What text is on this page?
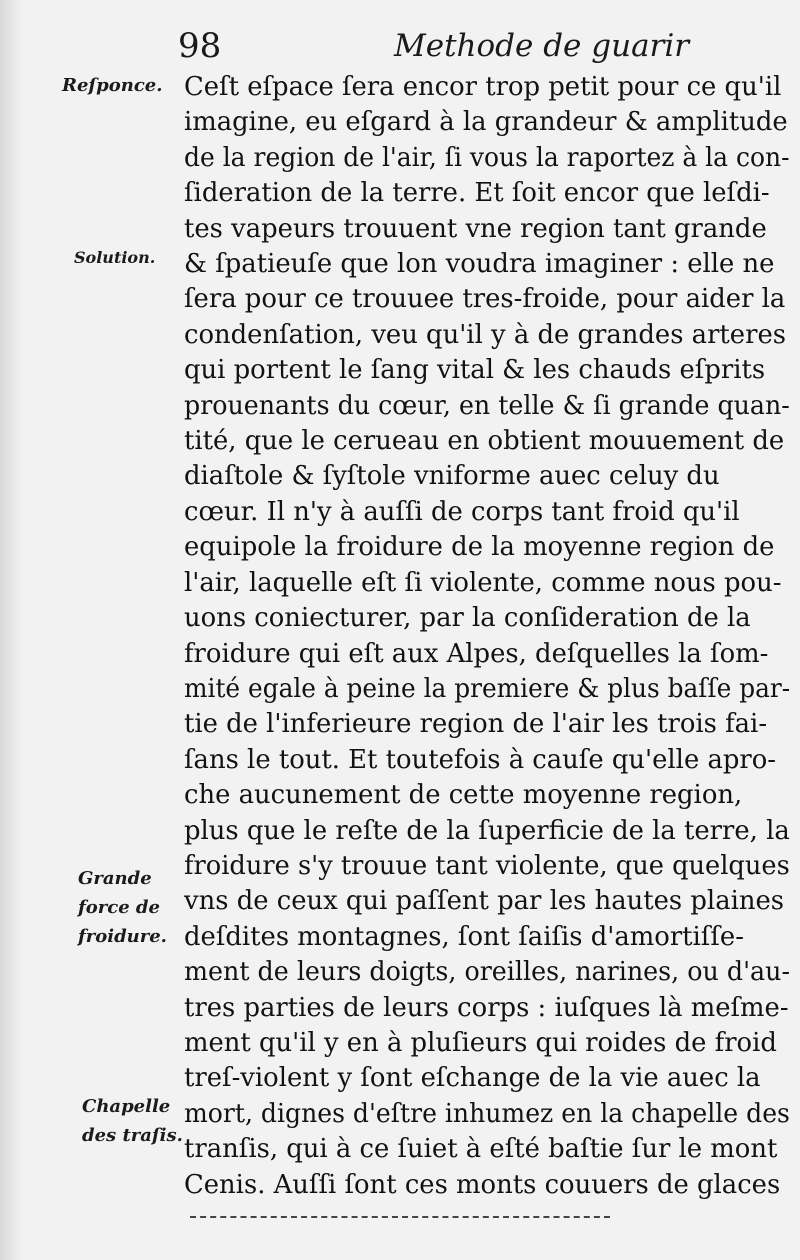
98	Methode de guarir
Reſponce.
Solution.
Grande
force de
froidure.
Chapelle
des traſis.
Ceſt eſpace ſera encor trop petit pour ce qu'il
imagine, eu eſgard à la grandeur & amplitude
de la region de l'air, ſi vous la raportez à la con-
ſideration de la terre. Et ſoit encor que leſdi-
tes vapeurs trouuent vne region tant grande
& ſpatieuſe que lon voudra imaginer : elle ne
ſera pour ce trouuee tres-froide, pour aider la
condenſation, veu qu'il y à de grandes arteres
qui portent le ſang vital & les chauds eſprits
prouenants du cœur, en telle & ſi grande quan-
tité, que le cerueau en obtient mouuement de
diaſtole & ſyſtole vniforme auec celuy du
cœur. Il n'y à auſſi de corps tant froid qu'il
equipole la froidure de la moyenne region de
l'air, laquelle eſt ſi violente, comme nous pou-
uons coniecturer, par la conſideration de la
froidure qui eſt aux Alpes, deſquelles la ſom-
mité egale à peine la premiere & plus baſſe par-
tie de l'inferieure region de l'air les trois fai-
ſans le tout. Et toutefois à cauſe qu'elle apro-
che aucunement de cette moyenne region,
plus que le reſte de la ſuperficie de la terre, la
froidure s'y trouue tant violente, que quelques
vns de ceux qui paſſent par les hautes plaines
deſdites montagnes, ſont ſaiſis d'amortiſſe-
ment de leurs doigts, oreilles, narines, ou d'au-
tres parties de leurs corps : iuſques là meſme-
ment qu'il y en à pluſieurs qui roides de froid
treſ-violent y ſont eſchange de la vie auec la
mort, dignes d'eſtre inhumez en la chapelle des
tranſis, qui à ce ſuiet à eſté baſtie ſur le mont
Cenis. Auſſi ſont ces monts couuers de glaces
